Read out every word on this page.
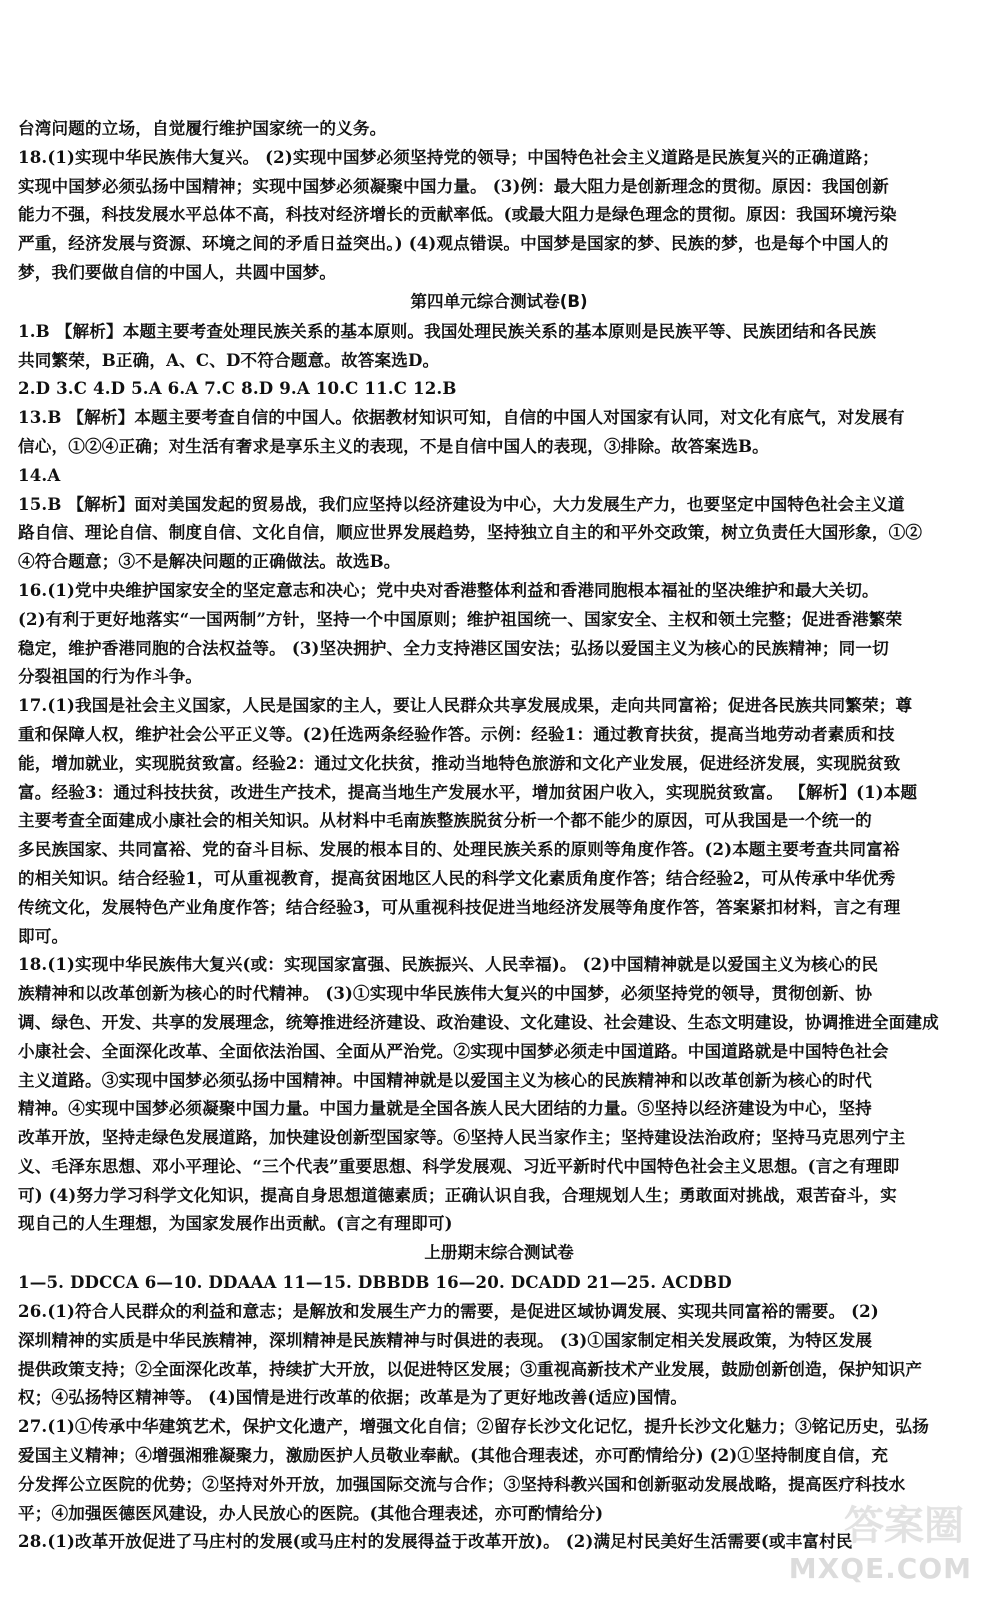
台湾问题的立场，自觉履行维护国家统一的义务。
18.(1)实现中华民族伟大复兴。 (2)实现中国梦必须坚持党的领导；中国特色社会主义道路是民族复兴的正确道路；
实现中国梦必须弘扬中国精神；实现中国梦必须凝聚中国力量。 (3)例：最大阻力是创新理念的贯彻。原因：我国创新
能力不强，科技发展水平总体不高，科技对经济增长的贡献率低。(或最大阻力是绿色理念的贯彻。原因：我国环境污染
严重，经济发展与资源、环境之间的矛盾日益突出。) (4)观点错误。中国梦是国家的梦、民族的梦，也是每个中国人的
梦，我们要做自信的中国人，共圆中国梦。
第四单元综合测试卷(B)
1.B 【解析】本题主要考查处理民族关系的基本原则。我国处理民族关系的基本原则是民族平等、民族团结和各民族
共同繁荣，B正确，A、C、D不符合题意。故答案选D。
2.D 3.C 4.D 5.A 6.A 7.C 8.D 9.A 10.C 11.C 12.B
13.B 【解析】本题主要考查自信的中国人。依据教材知识可知，自信的中国人对国家有认同，对文化有底气，对发展有
信心，①②④正确；对生活有奢求是享乐主义的表现，不是自信中国人的表现，③排除。故答案选B。
14.A
15.B 【解析】面对美国发起的贸易战，我们应坚持以经济建设为中心，大力发展生产力，也要坚定中国特色社会主义道
路自信、理论自信、制度自信、文化自信，顺应世界发展趋势，坚持独立自主的和平外交政策，树立负责任大国形象，①②
④符合题意；③不是解决问题的正确做法。故选B。
16.(1)党中央维护国家安全的坚定意志和决心；党中央对香港整体利益和香港同胞根本福祉的坚决维护和最大关切。
(2)有利于更好地落实“一国两制”方针，坚持一个中国原则；维护祖国统一、国家安全、主权和领土完整；促进香港繁荣
稳定，维护香港同胞的合法权益等。 (3)坚决拥护、全力支持港区国安法；弘扬以爱国主义为核心的民族精神；同一切
分裂祖国的行为作斗争。
17.(1)我国是社会主义国家，人民是国家的主人，要让人民群众共享发展成果，走向共同富裕；促进各民族共同繁荣；尊
重和保障人权，维护社会公平正义等。(2)任选两条经验作答。示例：经验1：通过教育扶贫，提高当地劳动者素质和技
能，增加就业，实现脱贫致富。经验2：通过文化扶贫，推动当地特色旅游和文化产业发展，促进经济发展，实现脱贫致
富。经验3：通过科技扶贫，改进生产技术，提高当地生产发展水平，增加贫困户收入，实现脱贫致富。 【解析】(1)本题
主要考查全面建成小康社会的相关知识。从材料中毛南族整族脱贫分析一个都不能少的原因，可从我国是一个统一的
多民族国家、共同富裕、党的奋斗目标、发展的根本目的、处理民族关系的原则等角度作答。(2)本题主要考查共同富裕
的相关知识。结合经验1，可从重视教育，提高贫困地区人民的科学文化素质角度作答；结合经验2，可从传承中华优秀
传统文化，发展特色产业角度作答；结合经验3，可从重视科技促进当地经济发展等角度作答，答案紧扣材料，言之有理
即可。
18.(1)实现中华民族伟大复兴(或：实现国家富强、民族振兴、人民幸福)。 (2)中国精神就是以爱国主义为核心的民
族精神和以改革创新为核心的时代精神。 (3)①实现中华民族伟大复兴的中国梦，必须坚持党的领导，贯彻创新、协
调、绿色、开发、共享的发展理念，统筹推进经济建设、政治建设、文化建设、社会建设、生态文明建设，协调推进全面建成
小康社会、全面深化改革、全面依法治国、全面从严治党。②实现中国梦必须走中国道路。中国道路就是中国特色社会
主义道路。③实现中国梦必须弘扬中国精神。中国精神就是以爱国主义为核心的民族精神和以改革创新为核心的时代
精神。④实现中国梦必须凝聚中国力量。中国力量就是全国各族人民大团结的力量。⑤坚持以经济建设为中心，坚持
改革开放，坚持走绿色发展道路，加快建设创新型国家等。⑥坚持人民当家作主；坚持建设法治政府；坚持马克思列宁主
义、毛泽东思想、邓小平理论、“三个代表”重要思想、科学发展观、习近平新时代中国特色社会主义思想。(言之有理即
可) (4)努力学习科学文化知识，提高自身思想道德素质；正确认识自我，合理规划人生；勇敢面对挑战，艰苦奋斗，实
现自己的人生理想，为国家发展作出贡献。(言之有理即可)
上册期末综合测试卷
1—5. DDCCA 6—10. DDAAA 11—15. DBBDB 16—20. DCADD 21—25. ACDBD
26.(1)符合人民群众的利益和意志；是解放和发展生产力的需要，是促进区域协调发展、实现共同富裕的需要。 (2)
深圳精神的实质是中华民族精神，深圳精神是民族精神与时俱进的表现。 (3)①国家制定相关发展政策，为特区发展
提供政策支持；②全面深化改革，持续扩大开放，以促进特区发展；③重视高新技术产业发展，鼓励创新创造，保护知识产
权；④弘扬特区精神等。 (4)国情是进行改革的依据；改革是为了更好地改善(适应)国情。
27.(1)①传承中华建筑艺术，保护文化遗产，增强文化自信；②留存长沙文化记忆，提升长沙文化魅力；③铭记历史，弘扬
爱国主义精神；④增强湘雅凝聚力，激励医护人员敬业奉献。(其他合理表述，亦可酌情给分) (2)①坚持制度自信，充
分发挥公立医院的优势；②坚持对外开放，加强国际交流与合作；③坚持科教兴国和创新驱动发展战略，提高医疗科技水
平；④加强医德医风建设，办人民放心的医院。(其他合理表述，亦可酌情给分)
28.(1)改革开放促进了马庄村的发展(或马庄村的发展得益于改革开放)。 (2)满足村民美好生活需要(或丰富村民
答案圈
MXQE.COM
